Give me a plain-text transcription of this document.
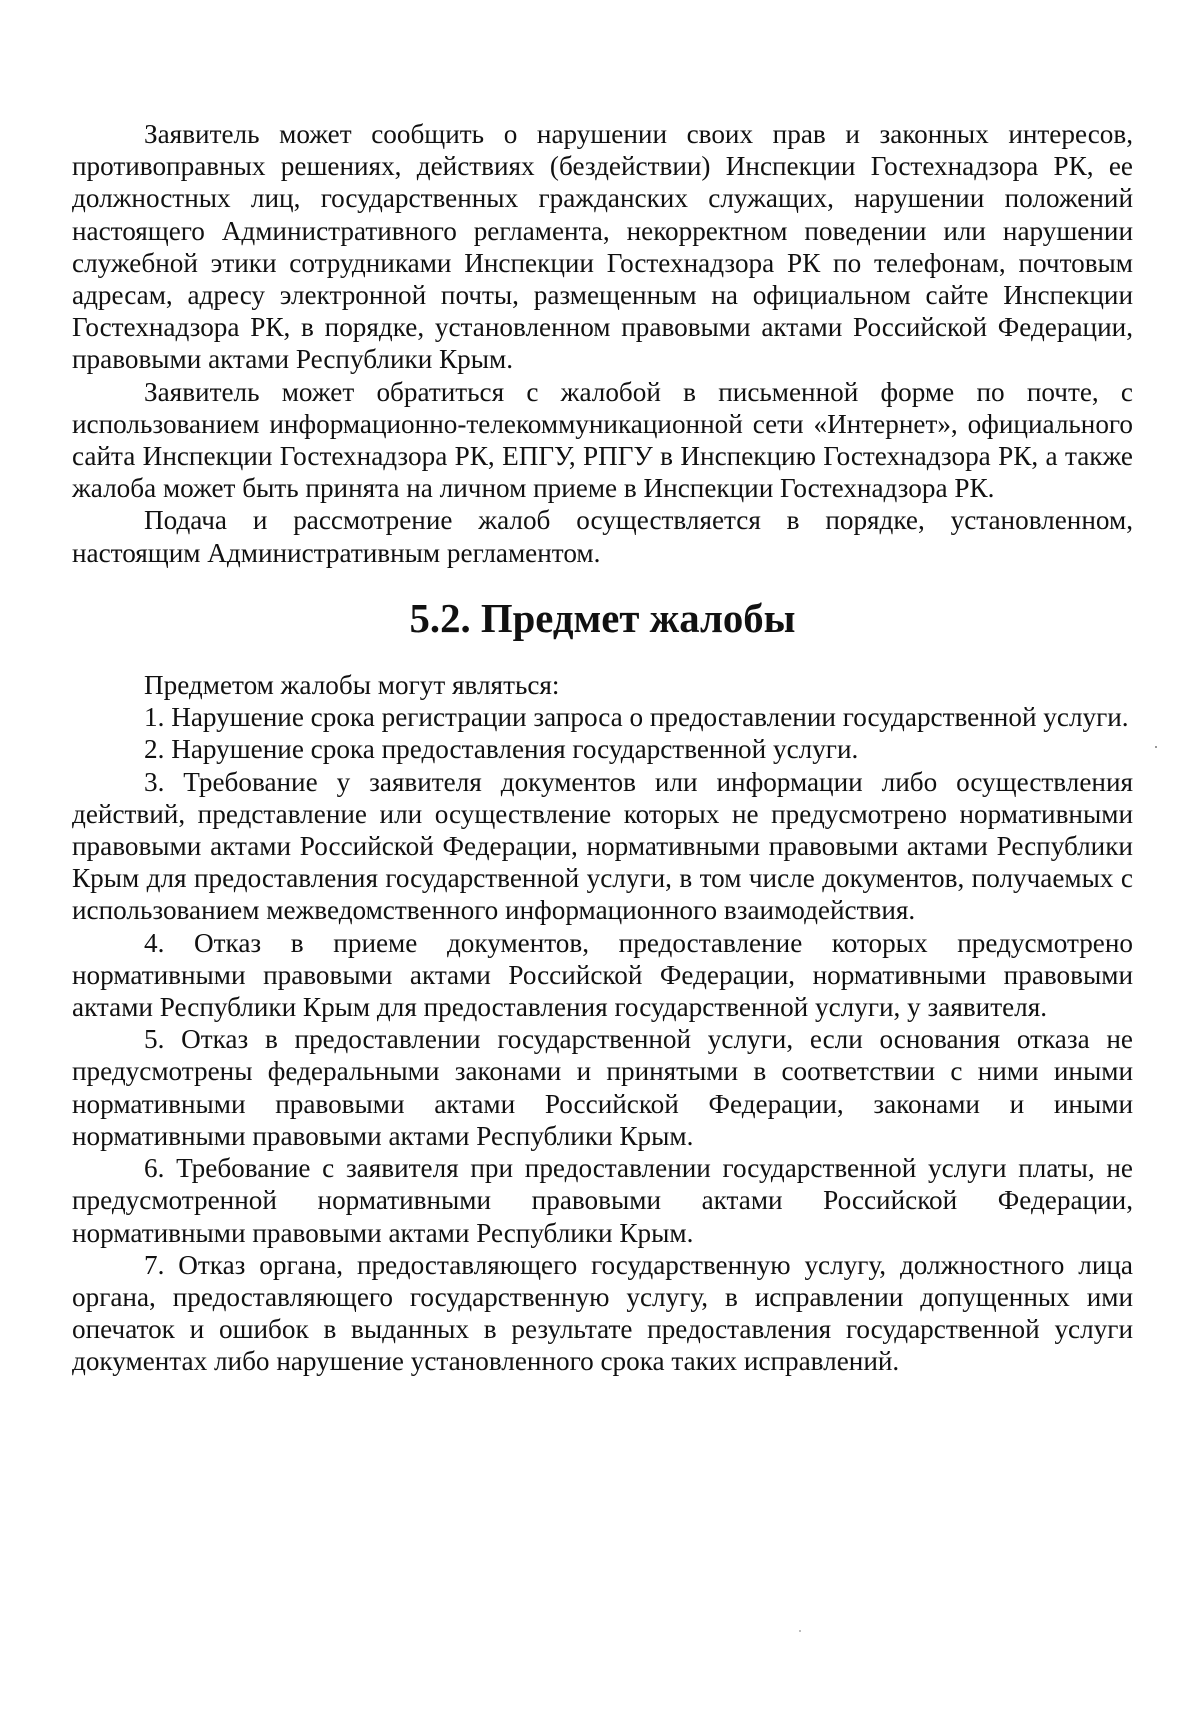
Заявитель может сообщить о нарушении своих прав и законных интересов, противоправных решениях, действиях (бездействии) Инспекции Гостехнадзора РК, ее должностных лиц, государственных гражданских служащих, нарушении положений настоящего Административного регламента, некорректном поведении или нарушении служебной этики сотрудниками Инспекции Гостехнадзора РК по телефонам, почтовым адресам, адресу электронной почты, размещенным на официальном сайте Инспекции Гостехнадзора РК, в порядке, установленном правовыми актами Российской Федерации, правовыми актами Республики Крым.

Заявитель может обратиться с жалобой в письменной форме по почте, с использованием информационно-телекоммуникационной сети «Интернет», официального сайта Инспекции Гостехнадзора РК, ЕПГУ, РПГУ в Инспекцию Гостехнадзора РК, а также жалоба может быть принята на личном приеме в Инспекции Гостехнадзора РК.

Подача и рассмотрение жалоб осуществляется в порядке, установленном, настоящим Административным регламентом.

5.2. Предмет жалобы

Предметом жалобы могут являться:

1. Нарушение срока регистрации запроса о предоставлении государственной услуги.

2. Нарушение срока предоставления государственной услуги.

3. Требование у заявителя документов или информации либо осуществления действий, представление или осуществление которых не предусмотрено нормативными правовыми актами Российской Федерации, нормативными правовыми актами Республики Крым для предоставления государственной услуги, в том числе документов, получаемых с использованием межведомственного информационного взаимодействия.

4. Отказ в приеме документов, предоставление которых предусмотрено нормативными правовыми актами Российской Федерации, нормативными правовыми актами Республики Крым для предоставления государственной услуги, у заявителя.

5. Отказ в предоставлении государственной услуги, если основания отказа не предусмотрены федеральными законами и принятыми в соответствии с ними иными нормативными правовыми актами Российской Федерации, законами и иными нормативными правовыми актами Республики Крым.

6. Требование с заявителя при предоставлении государственной услуги платы, не предусмотренной нормативными правовыми актами Российской Федерации, нормативными правовыми актами Республики Крым.

7. Отказ органа, предоставляющего государственную услугу, должностного лица органа, предоставляющего государственную услугу, в исправлении допущенных ими опечаток и ошибок в выданных в результате предоставления государственной услуги документах либо нарушение установленного срока таких исправлений.
